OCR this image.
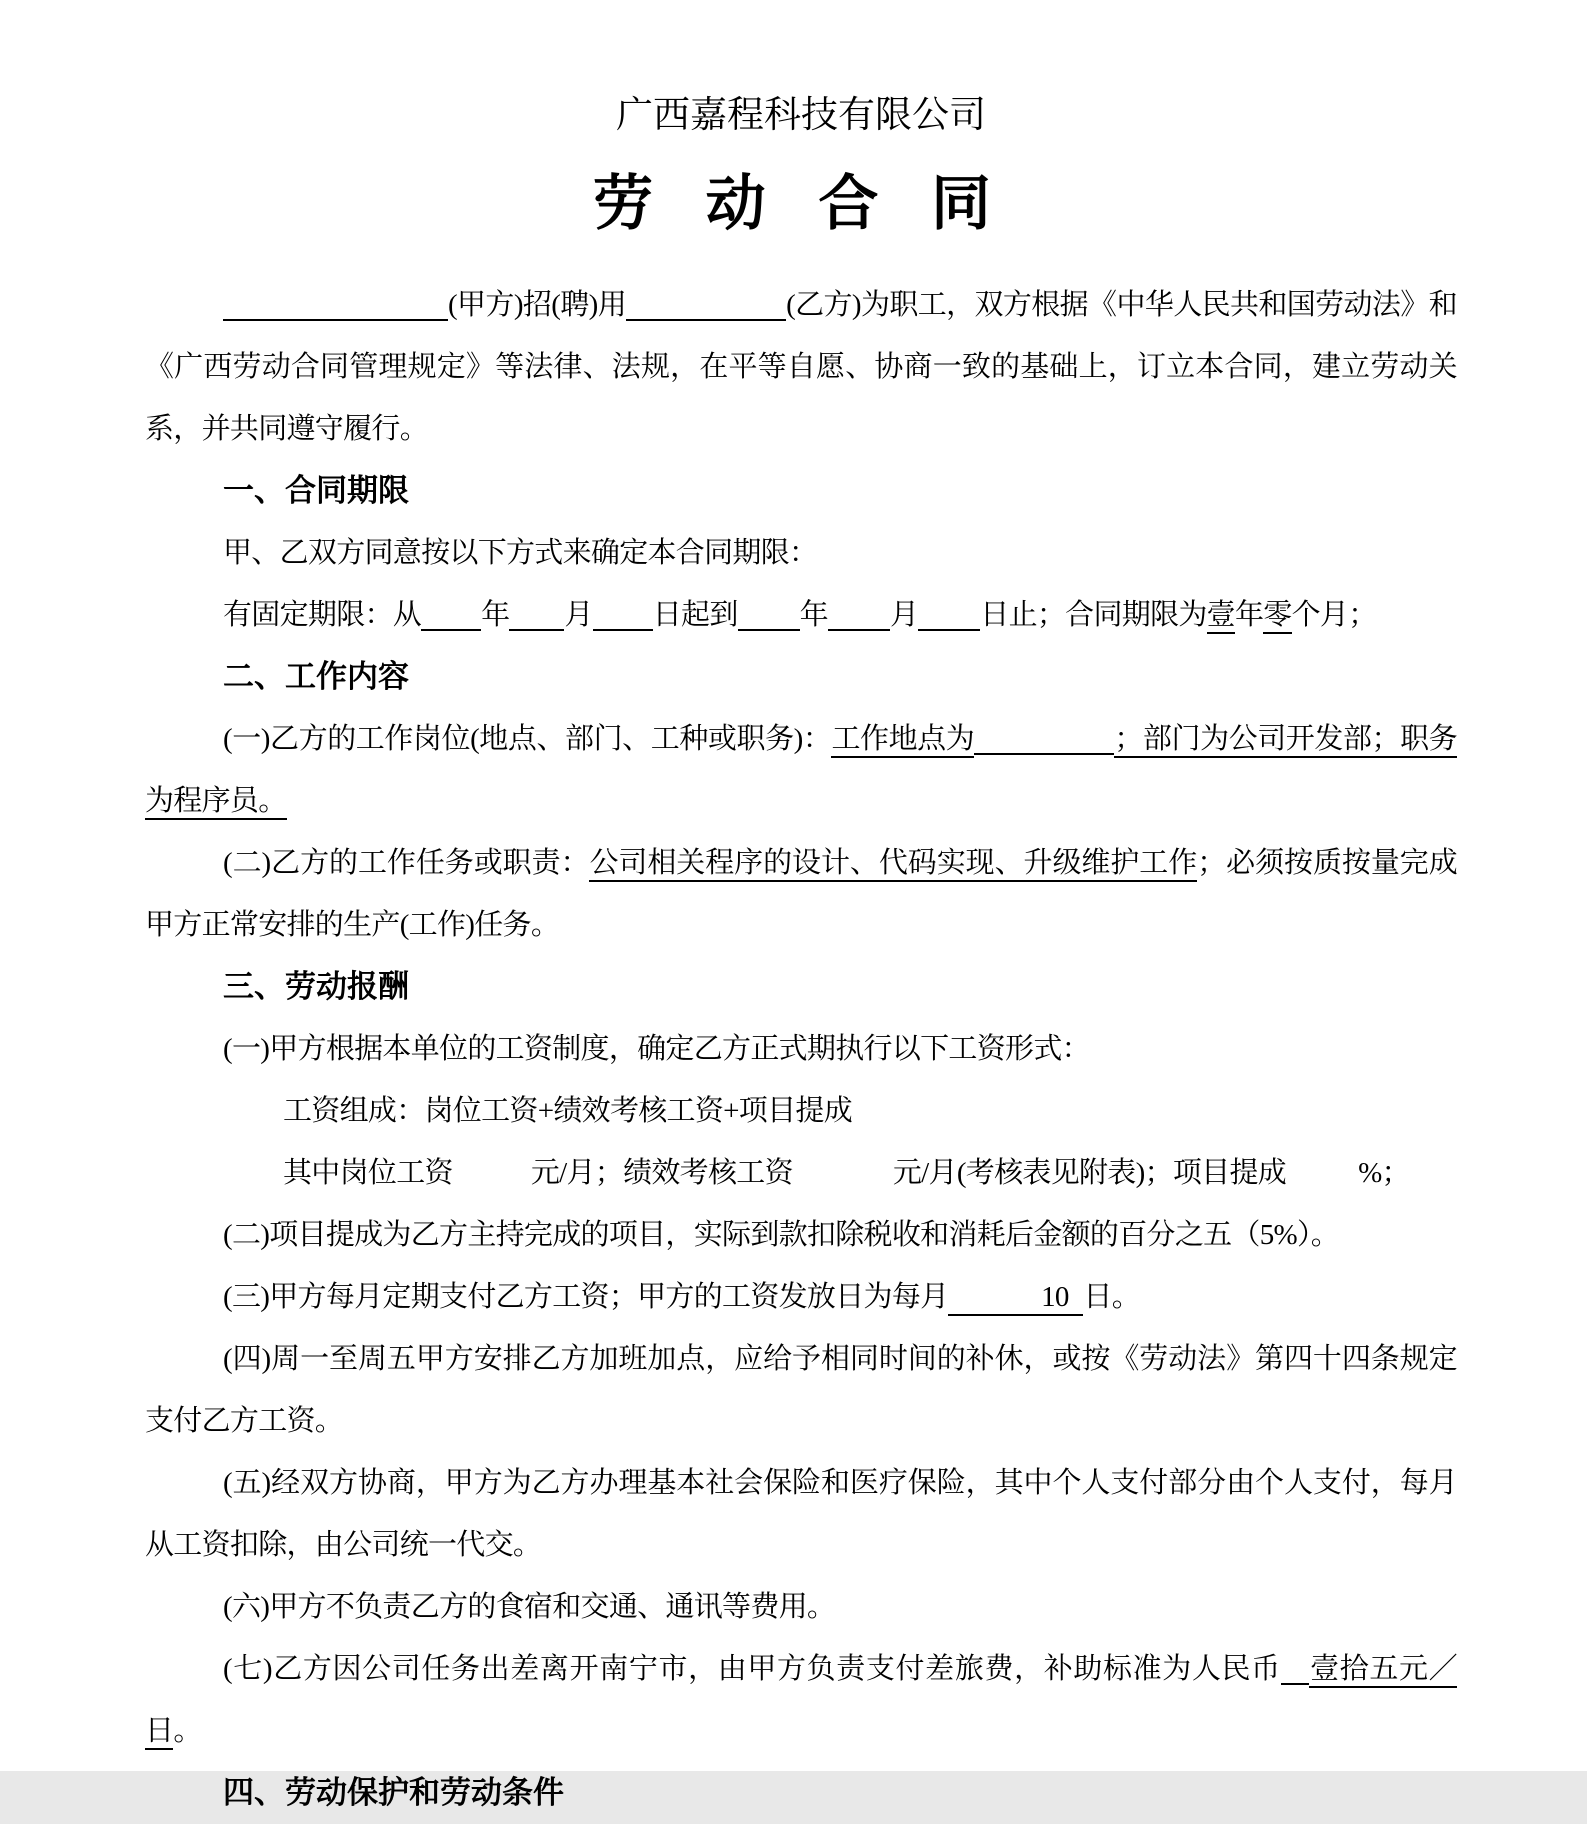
广西嘉程科技有限公司
劳 动 合 同

(甲方)招(聘)用	(乙方)为职工，双方根据《中华人民共和国劳动法》和《广西劳动合同管理规定》等法律、法规，在平等自愿、协商一致的基础上，订立本合同，建立劳动关系，并共同遵守履行。

一、合同期限

甲、乙双方同意按以下方式来确定本合同期限：

有固定期限：从 年 月 日起到 年 月 日止；合同期限为壹年零个月；

二、工作内容

(一)乙方的工作岗位(地点、部门、工种或职务)：工作地点为	；部门为公司开发部；职务为程序员。

(二)乙方的工作任务或职责：公司相关程序的设计、代码实现、升级维护工作；必须按质按量完成甲方正常安排的生产(工作)任务。

三、劳动报酬

(一)甲方根据本单位的工资制度，确定乙方正式期执行以下工资形式：

工资组成：岗位工资+绩效考核工资+项目提成

其中岗位工资	元/月；绩效考核工资	元/月(考核表见附表)；项目提成 %；

(二)项目提成为乙方主持完成的项目，实际到款扣除税收和消耗后金额的百分之五（5%）。

(三)甲方每月定期支付乙方工资；甲方的工资发放日为每月	10 日。

(四)周一至周五甲方安排乙方加班加点，应给予相同时间的补休，或按《劳动法》第四十四条规定支付乙方工资。

(五)经双方协商，甲方为乙方办理基本社会保险和医疗保险，其中个人支付部分由个人支付，每月从工资扣除，由公司统一代交。

(六)甲方不负责乙方的食宿和交通、通讯等费用。

(七)乙方因公司任务出差离开南宁市，由甲方负责支付差旅费，补助标准为人民币 壹拾五元／日。

四、劳动保护和劳动条件
